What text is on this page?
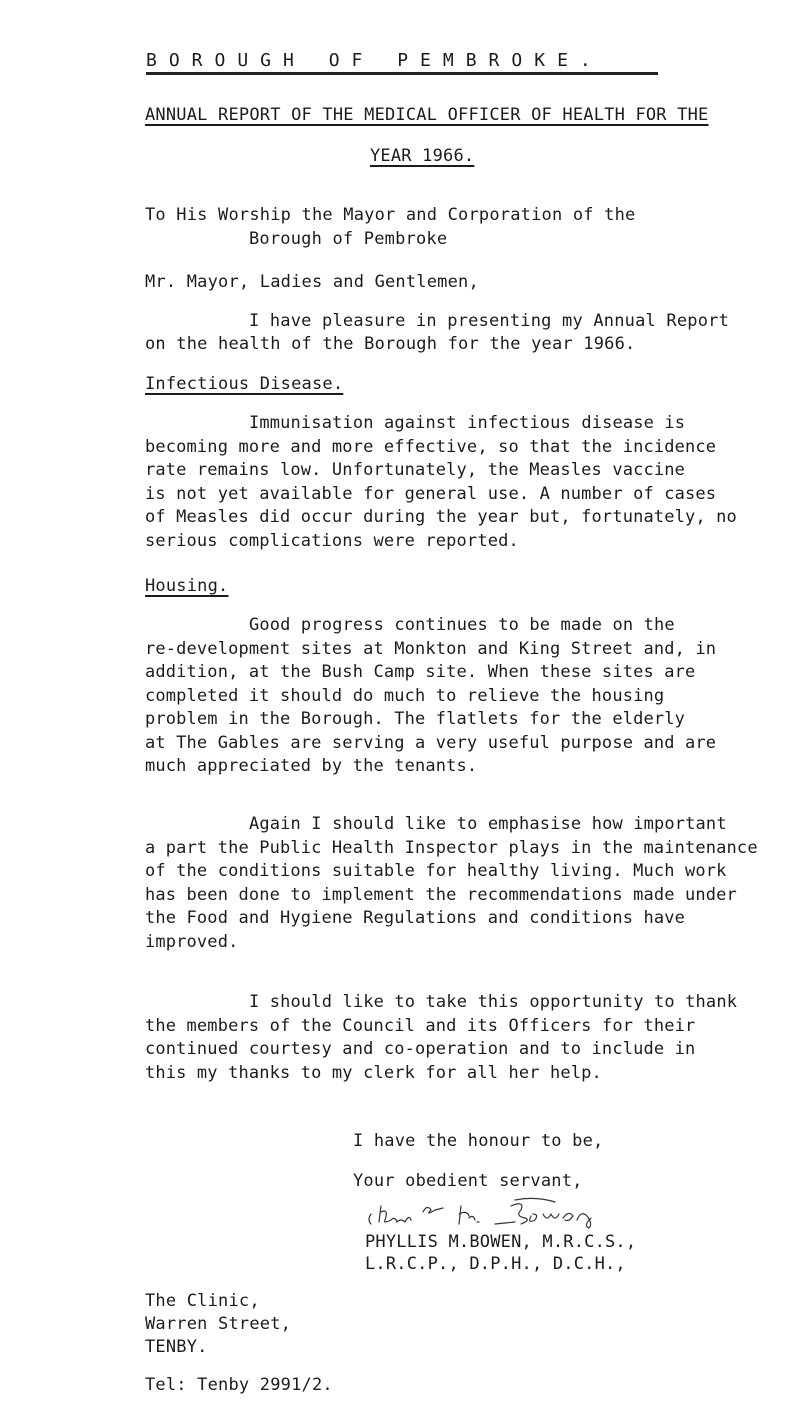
BOROUGH OF PEMBROKE.
ANNUAL REPORT OF THE MEDICAL OFFICER OF HEALTH FOR THE
YEAR 1966.
To His Worship the Mayor and Corporation of the
Borough of Pembroke
Mr. Mayor, Ladies and Gentlemen,
I have pleasure in presenting my Annual Report
on the health of the Borough for the year 1966.
Infectious Disease.
Immunisation against infectious disease is
becoming more and more effective, so that the incidence
rate remains low. Unfortunately, the Measles vaccine
is not yet available for general use. A number of cases
of Measles did occur during the year but, fortunately, no
serious complications were reported.
Housing.
Good progress continues to be made on the
re-development sites at Monkton and King Street and, in
addition, at the Bush Camp site. When these sites are
completed it should do much to relieve the housing
problem in the Borough. The flatlets for the elderly
at The Gables are serving a very useful purpose and are
much appreciated by the tenants.
Again I should like to emphasise how important
a part the Public Health Inspector plays in the maintenance
of the conditions suitable for healthy living. Much work
has been done to implement the recommendations made under
the Food and Hygiene Regulations and conditions have
improved.
I should like to take this opportunity to thank
the members of the Council and its Officers for their
continued courtesy and co-operation and to include in
this my thanks to my clerk for all her help.
I have the honour to be,
Your obedient servant,
PHYLLIS M.BOWEN, M.R.C.S.,
L.R.C.P., D.P.H., D.C.H.,
The Clinic,
Warren Street,
TENBY.
Tel: Tenby 2991/2.
